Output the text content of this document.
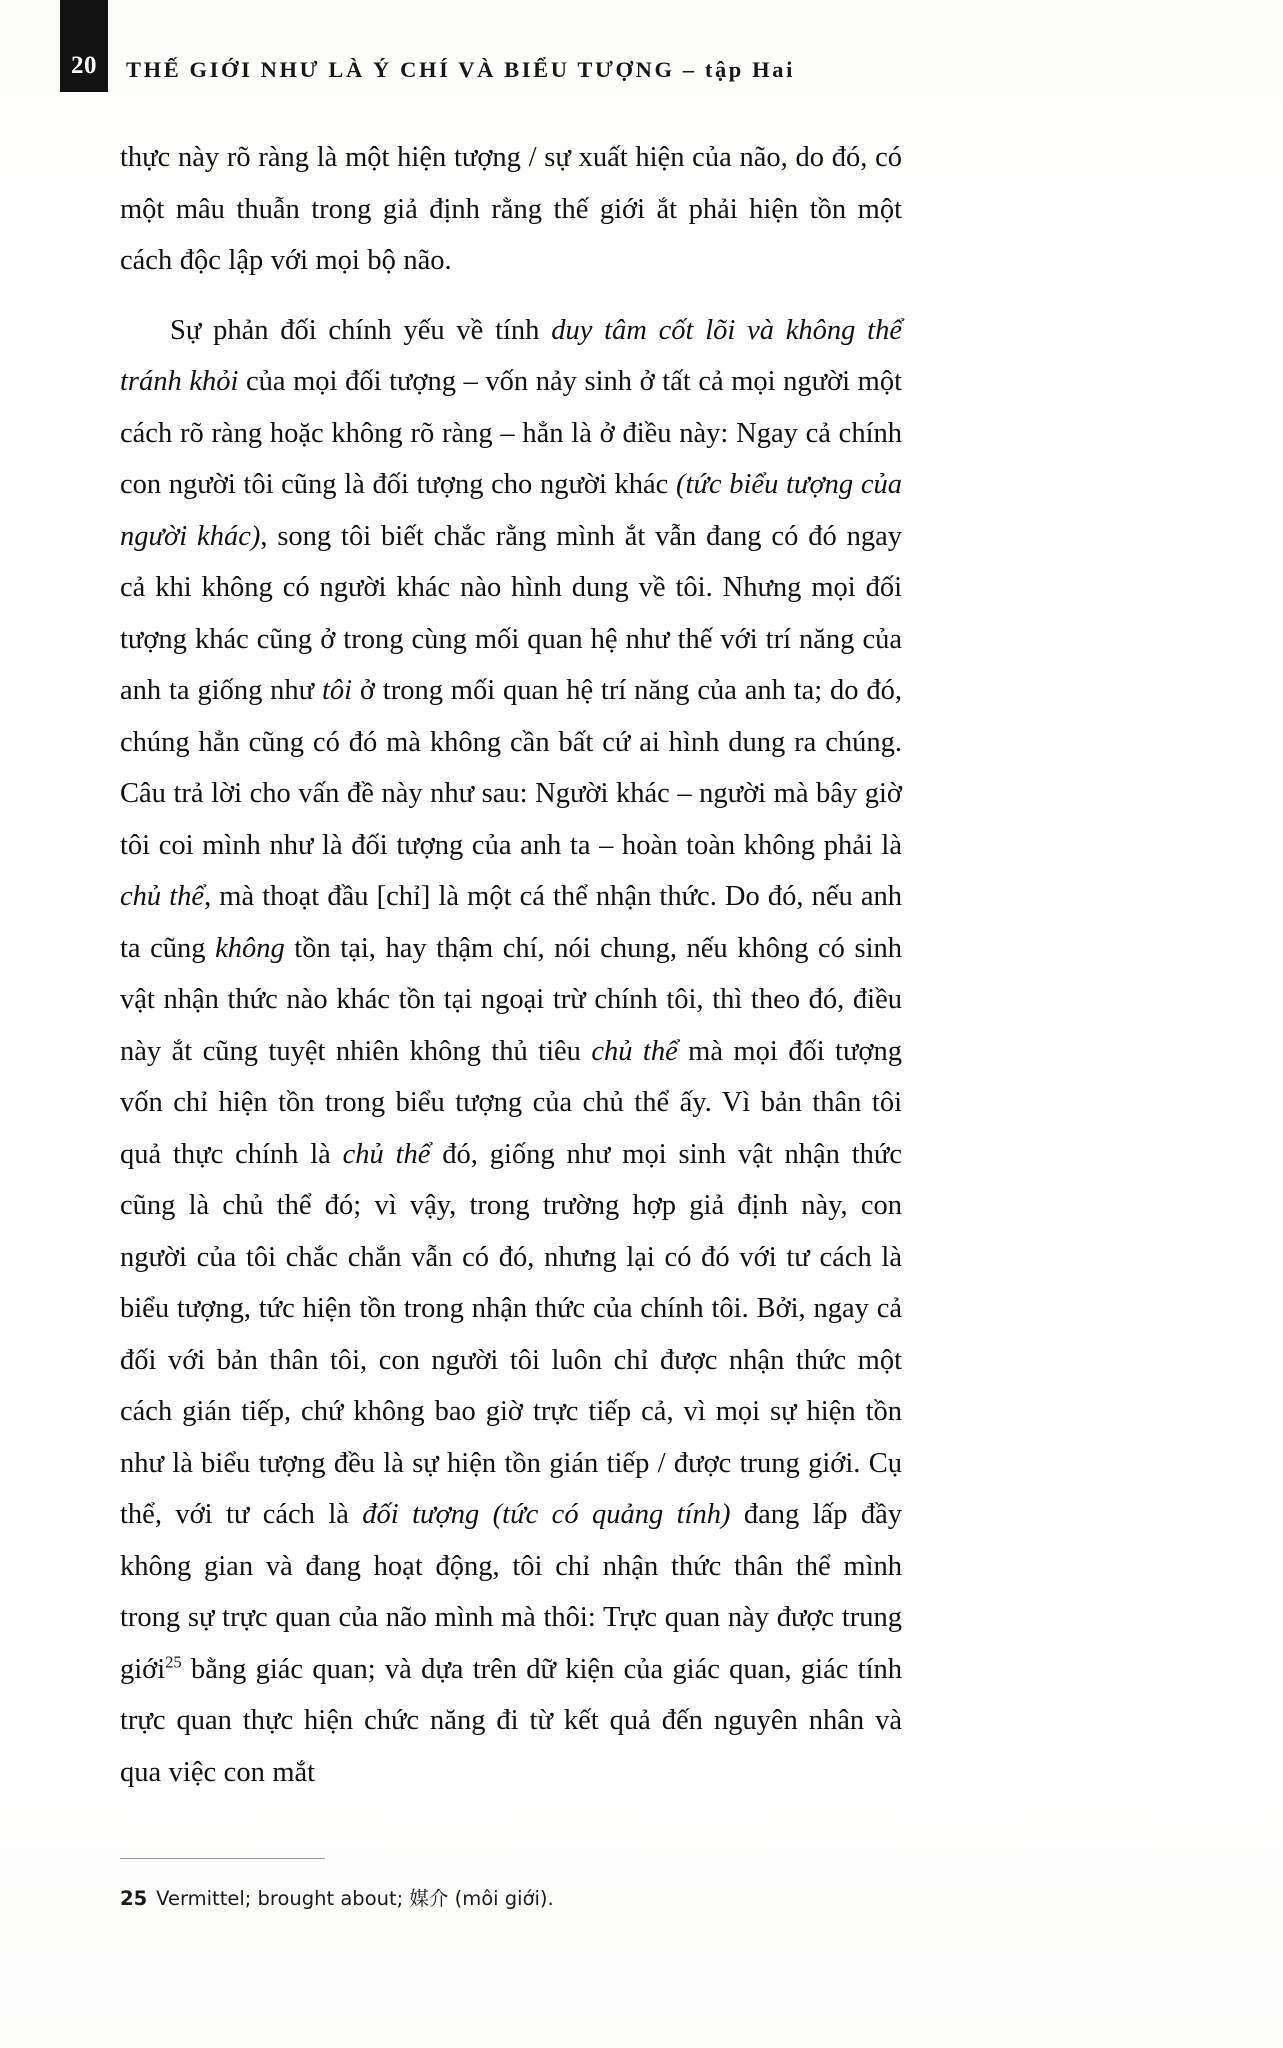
20 THẾ GIỚI NHƯ LÀ Ý CHÍ VÀ BIỂU TƯỢNG – tập Hai

thực này rõ ràng là một hiện tượng / sự xuất hiện của não, do đó, có một mâu thuẫn trong giả định rằng thế giới ắt phải hiện tồn một cách độc lập với mọi bộ não.

Sự phản đối chính yếu về tính duy tâm cốt lõi và không thể tránh khỏi của mọi đối tượng – vốn nảy sinh ở tất cả mọi người một cách rõ ràng hoặc không rõ ràng – hẳn là ở điều này: Ngay cả chính con người tôi cũng là đối tượng cho người khác (tức biểu tượng của người khác), song tôi biết chắc rằng mình ắt vẫn đang có đó ngay cả khi không có người khác nào hình dung về tôi. Nhưng mọi đối tượng khác cũng ở trong cùng mối quan hệ như thế với trí năng của anh ta giống như tôi ở trong mối quan hệ trí năng của anh ta; do đó, chúng hẳn cũng có đó mà không cần bất cứ ai hình dung ra chúng. Câu trả lời cho vấn đề này như sau: Người khác – người mà bây giờ tôi coi mình như là đối tượng của anh ta – hoàn toàn không phải là chủ thể, mà thoạt đầu [chỉ] là một cá thể nhận thức. Do đó, nếu anh ta cũng không tồn tại, hay thậm chí, nói chung, nếu không có sinh vật nhận thức nào khác tồn tại ngoại trừ chính tôi, thì theo đó, điều này ắt cũng tuyệt nhiên không thủ tiêu chủ thể mà mọi đối tượng vốn chỉ hiện tồn trong biểu tượng của chủ thể ấy. Vì bản thân tôi quả thực chính là chủ thể đó, giống như mọi sinh vật nhận thức cũng là chủ thể đó; vì vậy, trong trường hợp giả định này, con người của tôi chắc chắn vẫn có đó, nhưng lại có đó với tư cách là biểu tượng, tức hiện tồn trong nhận thức của chính tôi. Bởi, ngay cả đối với bản thân tôi, con người tôi luôn chỉ được nhận thức một cách gián tiếp, chứ không bao giờ trực tiếp cả, vì mọi sự hiện tồn như là biểu tượng đều là sự hiện tồn gián tiếp / được trung giới. Cụ thể, với tư cách là đối tượng (tức có quảng tính) đang lấp đầy không gian và đang hoạt động, tôi chỉ nhận thức thân thể mình trong sự trực quan của não mình mà thôi: Trực quan này được trung giới$^{25}$ bằng giác quan; và dựa trên dữ kiện của giác quan, giác tính trực quan thực hiện chức năng đi từ kết quả đến nguyên nhân và qua việc con mắt

25 Vermittel; brought about; 媒介 (môi giới).
